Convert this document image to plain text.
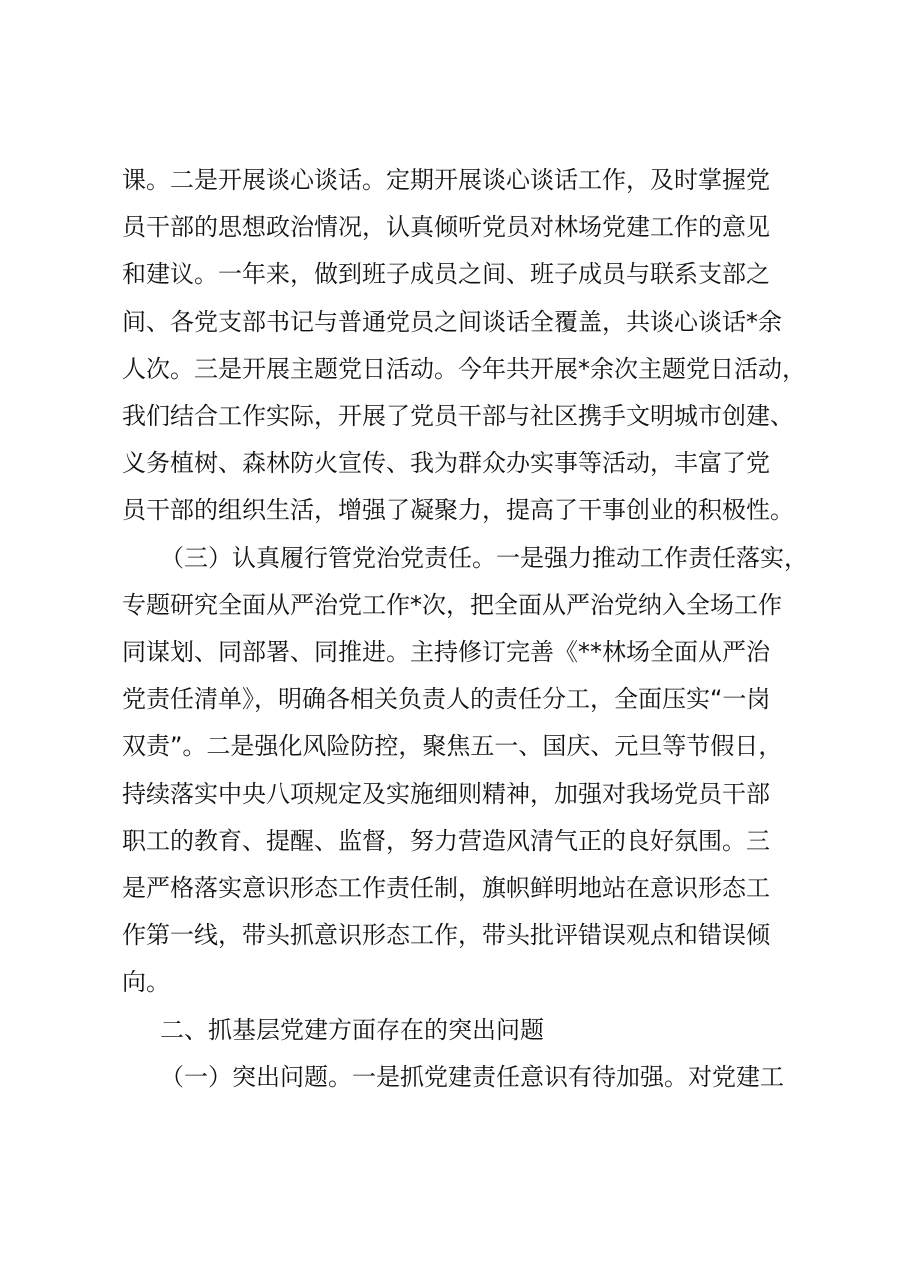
课。二是开展谈心谈话。定期开展谈心谈话工作，及时掌握党
员干部的思想政治情况，认真倾听党员对林场党建工作的意见
和建议。一年来，做到班子成员之间、班子成员与联系支部之
间、各党支部书记与普通党员之间谈话全覆盖，共谈心谈话*余
人次。三是开展主题党日活动。今年共开展*余次主题党日活动，
我们结合工作实际，开展了党员干部与社区携手文明城市创建、
义务植树、森林防火宣传、我为群众办实事等活动，丰富了党
员干部的组织生活，增强了凝聚力，提高了干事创业的积极性。
（三）认真履行管党治党责任。一是强力推动工作责任落实，
专题研究全面从严治党工作*次，把全面从严治党纳入全场工作
同谋划、同部署、同推进。主持修订完善《**林场全面从严治
党责任清单》，明确各相关负责人的责任分工，全面压实“一岗
双责”。二是强化风险防控，聚焦五一、国庆、元旦等节假日，
持续落实中央八项规定及实施细则精神，加强对我场党员干部
职工的教育、提醒、监督，努力营造风清气正的良好氛围。三
是严格落实意识形态工作责任制，旗帜鲜明地站在意识形态工
作第一线，带头抓意识形态工作，带头批评错误观点和错误倾
向。
二、抓基层党建方面存在的突出问题
（一）突出问题。一是抓党建责任意识有待加强。对党建工
